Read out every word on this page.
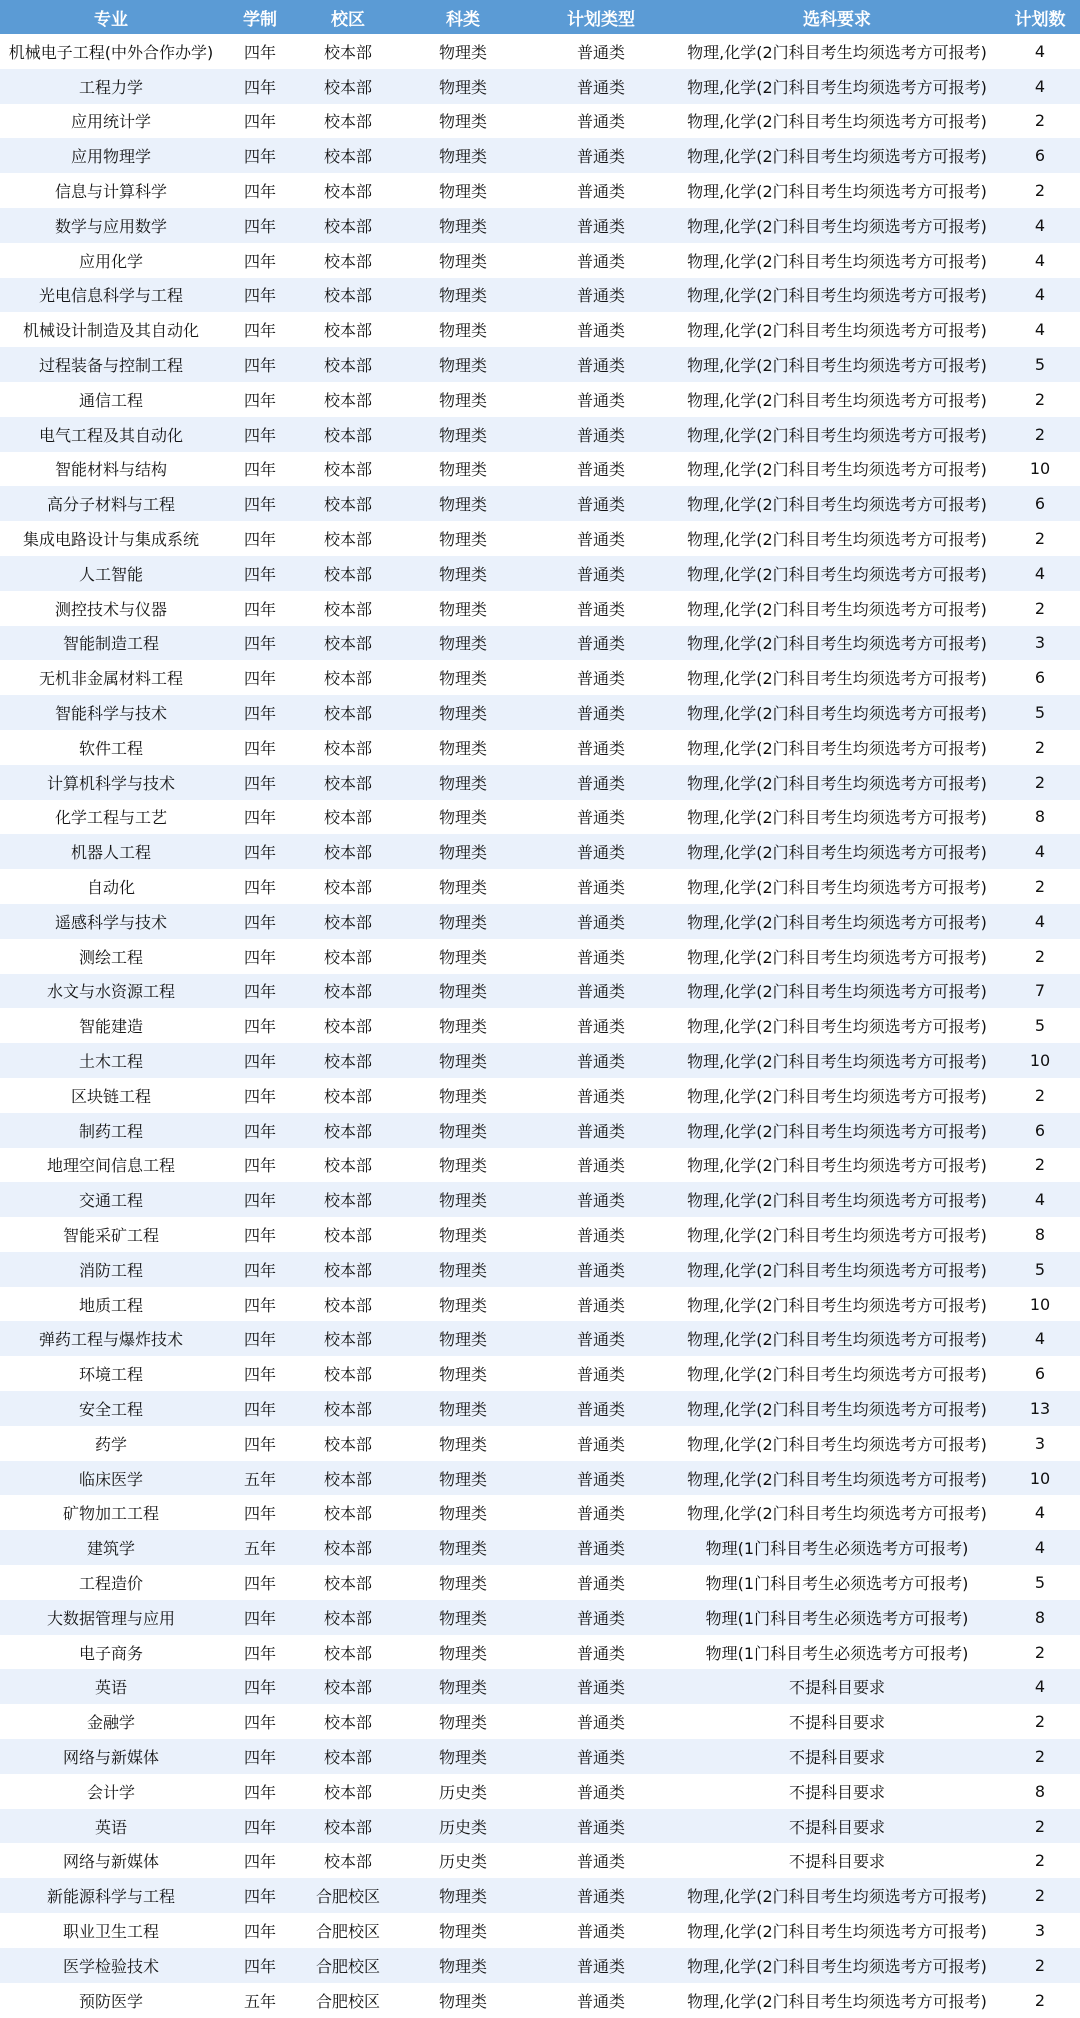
专业	学制	校区	科类	计划类型	选科要求	计划数
机械电子工程(中外合作办学)	四年	校本部	物理类	普通类	物理,化学(2门科目考生均须选考方可报考)	4
工程力学	四年	校本部	物理类	普通类	物理,化学(2门科目考生均须选考方可报考)	4
应用统计学	四年	校本部	物理类	普通类	物理,化学(2门科目考生均须选考方可报考)	2
应用物理学	四年	校本部	物理类	普通类	物理,化学(2门科目考生均须选考方可报考)	6
信息与计算科学	四年	校本部	物理类	普通类	物理,化学(2门科目考生均须选考方可报考)	2
数学与应用数学	四年	校本部	物理类	普通类	物理,化学(2门科目考生均须选考方可报考)	4
应用化学	四年	校本部	物理类	普通类	物理,化学(2门科目考生均须选考方可报考)	4
光电信息科学与工程	四年	校本部	物理类	普通类	物理,化学(2门科目考生均须选考方可报考)	4
机械设计制造及其自动化	四年	校本部	物理类	普通类	物理,化学(2门科目考生均须选考方可报考)	4
过程装备与控制工程	四年	校本部	物理类	普通类	物理,化学(2门科目考生均须选考方可报考)	5
通信工程	四年	校本部	物理类	普通类	物理,化学(2门科目考生均须选考方可报考)	2
电气工程及其自动化	四年	校本部	物理类	普通类	物理,化学(2门科目考生均须选考方可报考)	2
智能材料与结构	四年	校本部	物理类	普通类	物理,化学(2门科目考生均须选考方可报考)	10
高分子材料与工程	四年	校本部	物理类	普通类	物理,化学(2门科目考生均须选考方可报考)	6
集成电路设计与集成系统	四年	校本部	物理类	普通类	物理,化学(2门科目考生均须选考方可报考)	2
人工智能	四年	校本部	物理类	普通类	物理,化学(2门科目考生均须选考方可报考)	4
测控技术与仪器	四年	校本部	物理类	普通类	物理,化学(2门科目考生均须选考方可报考)	2
智能制造工程	四年	校本部	物理类	普通类	物理,化学(2门科目考生均须选考方可报考)	3
无机非金属材料工程	四年	校本部	物理类	普通类	物理,化学(2门科目考生均须选考方可报考)	6
智能科学与技术	四年	校本部	物理类	普通类	物理,化学(2门科目考生均须选考方可报考)	5
软件工程	四年	校本部	物理类	普通类	物理,化学(2门科目考生均须选考方可报考)	2
计算机科学与技术	四年	校本部	物理类	普通类	物理,化学(2门科目考生均须选考方可报考)	2
化学工程与工艺	四年	校本部	物理类	普通类	物理,化学(2门科目考生均须选考方可报考)	8
机器人工程	四年	校本部	物理类	普通类	物理,化学(2门科目考生均须选考方可报考)	4
自动化	四年	校本部	物理类	普通类	物理,化学(2门科目考生均须选考方可报考)	2
遥感科学与技术	四年	校本部	物理类	普通类	物理,化学(2门科目考生均须选考方可报考)	4
测绘工程	四年	校本部	物理类	普通类	物理,化学(2门科目考生均须选考方可报考)	2
水文与水资源工程	四年	校本部	物理类	普通类	物理,化学(2门科目考生均须选考方可报考)	7
智能建造	四年	校本部	物理类	普通类	物理,化学(2门科目考生均须选考方可报考)	5
土木工程	四年	校本部	物理类	普通类	物理,化学(2门科目考生均须选考方可报考)	10
区块链工程	四年	校本部	物理类	普通类	物理,化学(2门科目考生均须选考方可报考)	2
制药工程	四年	校本部	物理类	普通类	物理,化学(2门科目考生均须选考方可报考)	6
地理空间信息工程	四年	校本部	物理类	普通类	物理,化学(2门科目考生均须选考方可报考)	2
交通工程	四年	校本部	物理类	普通类	物理,化学(2门科目考生均须选考方可报考)	4
智能采矿工程	四年	校本部	物理类	普通类	物理,化学(2门科目考生均须选考方可报考)	8
消防工程	四年	校本部	物理类	普通类	物理,化学(2门科目考生均须选考方可报考)	5
地质工程	四年	校本部	物理类	普通类	物理,化学(2门科目考生均须选考方可报考)	10
弹药工程与爆炸技术	四年	校本部	物理类	普通类	物理,化学(2门科目考生均须选考方可报考)	4
环境工程	四年	校本部	物理类	普通类	物理,化学(2门科目考生均须选考方可报考)	6
安全工程	四年	校本部	物理类	普通类	物理,化学(2门科目考生均须选考方可报考)	13
药学	四年	校本部	物理类	普通类	物理,化学(2门科目考生均须选考方可报考)	3
临床医学	五年	校本部	物理类	普通类	物理,化学(2门科目考生均须选考方可报考)	10
矿物加工工程	四年	校本部	物理类	普通类	物理,化学(2门科目考生均须选考方可报考)	4
建筑学	五年	校本部	物理类	普通类	物理(1门科目考生必须选考方可报考)	4
工程造价	四年	校本部	物理类	普通类	物理(1门科目考生必须选考方可报考)	5
大数据管理与应用	四年	校本部	物理类	普通类	物理(1门科目考生必须选考方可报考)	8
电子商务	四年	校本部	物理类	普通类	物理(1门科目考生必须选考方可报考)	2
英语	四年	校本部	物理类	普通类	不提科目要求	4
金融学	四年	校本部	物理类	普通类	不提科目要求	2
网络与新媒体	四年	校本部	物理类	普通类	不提科目要求	2
会计学	四年	校本部	历史类	普通类	不提科目要求	8
英语	四年	校本部	历史类	普通类	不提科目要求	2
网络与新媒体	四年	校本部	历史类	普通类	不提科目要求	2
新能源科学与工程	四年	合肥校区	物理类	普通类	物理,化学(2门科目考生均须选考方可报考)	2
职业卫生工程	四年	合肥校区	物理类	普通类	物理,化学(2门科目考生均须选考方可报考)	3
医学检验技术	四年	合肥校区	物理类	普通类	物理,化学(2门科目考生均须选考方可报考)	2
预防医学	五年	合肥校区	物理类	普通类	物理,化学(2门科目考生均须选考方可报考)	2
